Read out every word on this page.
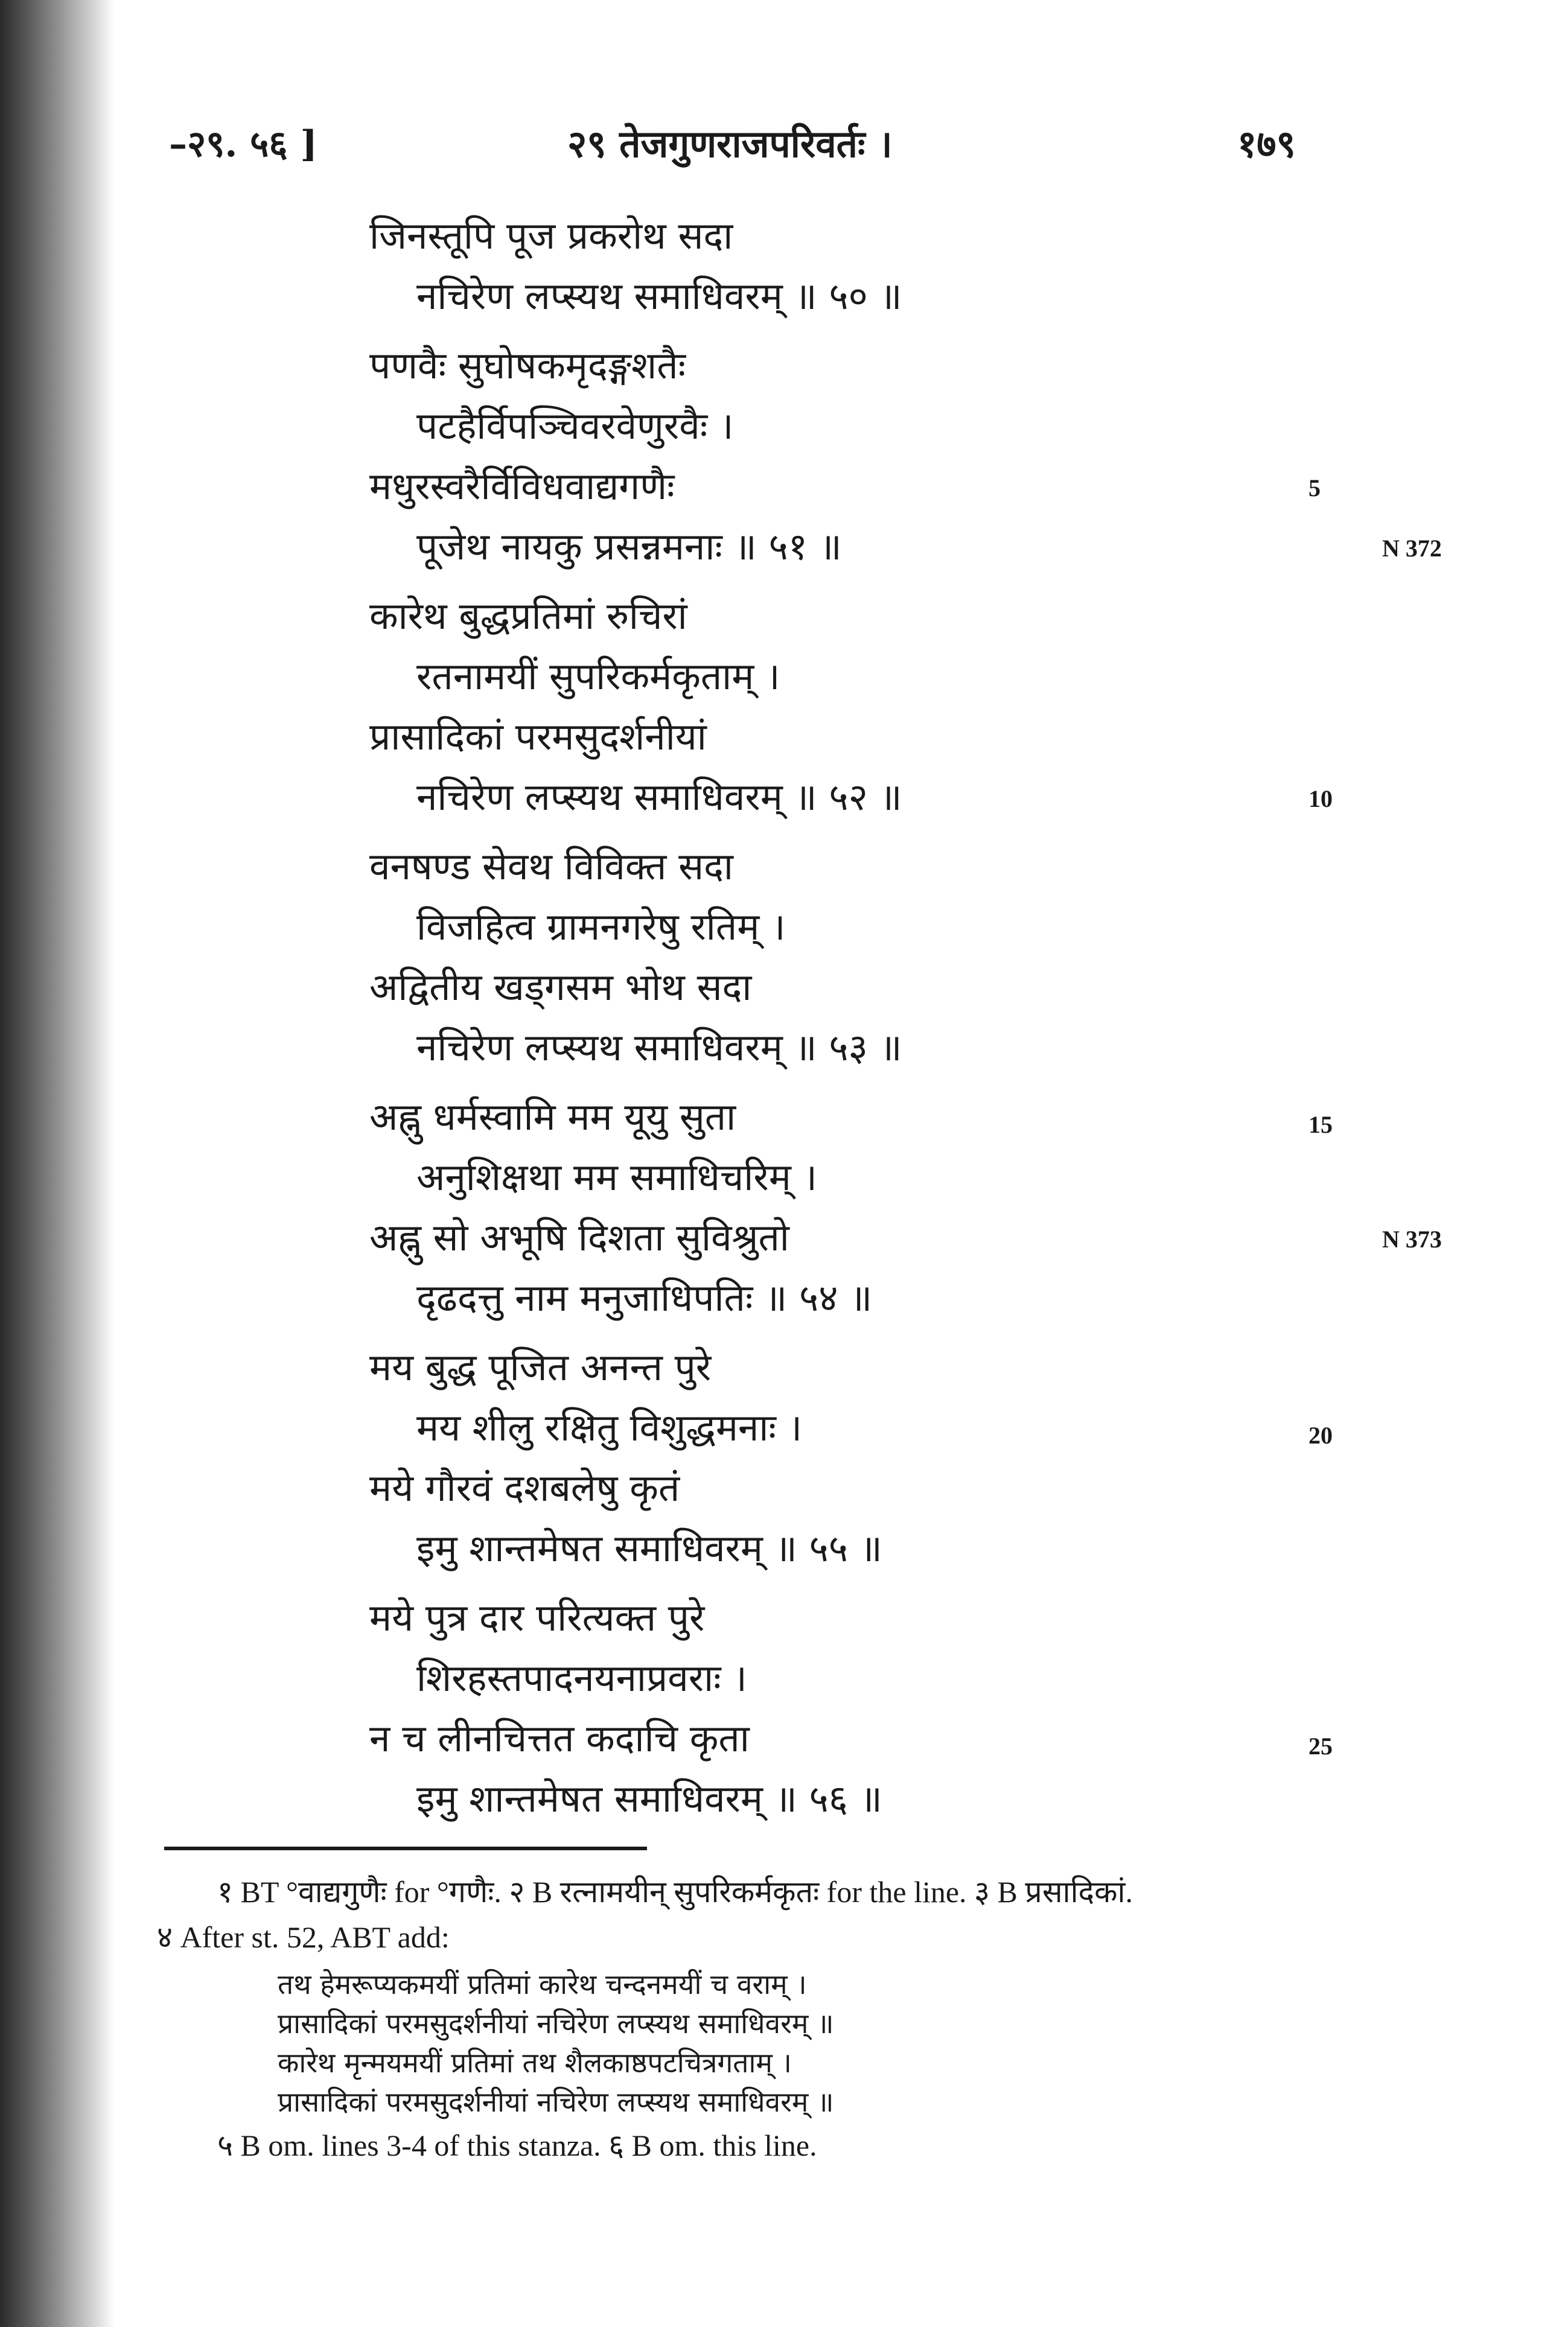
–२९. ५६ ]	२९ तेजगुणराजपरिवर्तः ।	१७९
जिनस्तूपि पूज प्रकरोथ सदा
नचिरेण लप्स्यथ समाधिवरम् ॥ ५० ॥
पणवैः सुघोषकमृदङ्गशतैः
पटहैर्विपञ्चिवरवेणुरवैः ।
मधुरस्वरैर्विविधवाद्यगणैः
पूजेथ नायकु प्रसन्नमनाः ॥ ५१ ॥
कारेथ बुद्धप्रतिमां रुचिरां
रतनामयीं सुपरिकर्मकृताम् ।
प्रासादिकां परमसुदर्शनीयां
नचिरेण लप्स्यथ समाधिवरम् ॥ ५२ ॥
वनषण्ड सेवथ विविक्त सदा
विजहित्व ग्रामनगरेषु रतिम् ।
अद्वितीय खड्गसम भोथ सदा
नचिरेण लप्स्यथ समाधिवरम् ॥ ५३ ॥
अह्नु धर्मस्वामि मम यूयु सुता
अनुशिक्षथा मम समाधिचरिम् ।
अह्नु सो अभूषि दिशता सुविश्रुतो
दृढदत्तु नाम मनुजाधिपतिः ॥ ५४ ॥
मय बुद्ध पूजित अनन्त पुरे
मय शीलु रक्षितु विशुद्धमनाः ।
मये गौरवं दशबलेषु कृतं
इमु शान्तमेषत समाधिवरम् ॥ ५५ ॥
मये पुत्र दार परित्यक्त पुरे
शिरहस्तपादनयनाप्रवराः ।
न च लीनचित्तत कदाचि कृता
इमु शान्तमेषत समाधिवरम् ॥ ५६ ॥
5
10
15
20
25
N 372
N 373
१ BT °वाद्यगुणैः for °गणैः. २ B रत्नामयीन् सुपरिकर्मकृतः for the line. ३ B प्रसादिकां.
४ After st. 52, ABT add:
तथ हेमरूप्यकमयीं प्रतिमां कारेथ चन्दनमयीं च वराम् ।
प्रासादिकां परमसुदर्शनीयां नचिरेण लप्स्यथ समाधिवरम् ॥
कारेथ मृन्मयमयीं प्रतिमां तथ शैलकाष्ठपटचित्रगताम् ।
प्रासादिकां परमसुदर्शनीयां नचिरेण लप्स्यथ समाधिवरम् ॥
५ B om. lines 3-4 of this stanza. ६ B om. this line.
